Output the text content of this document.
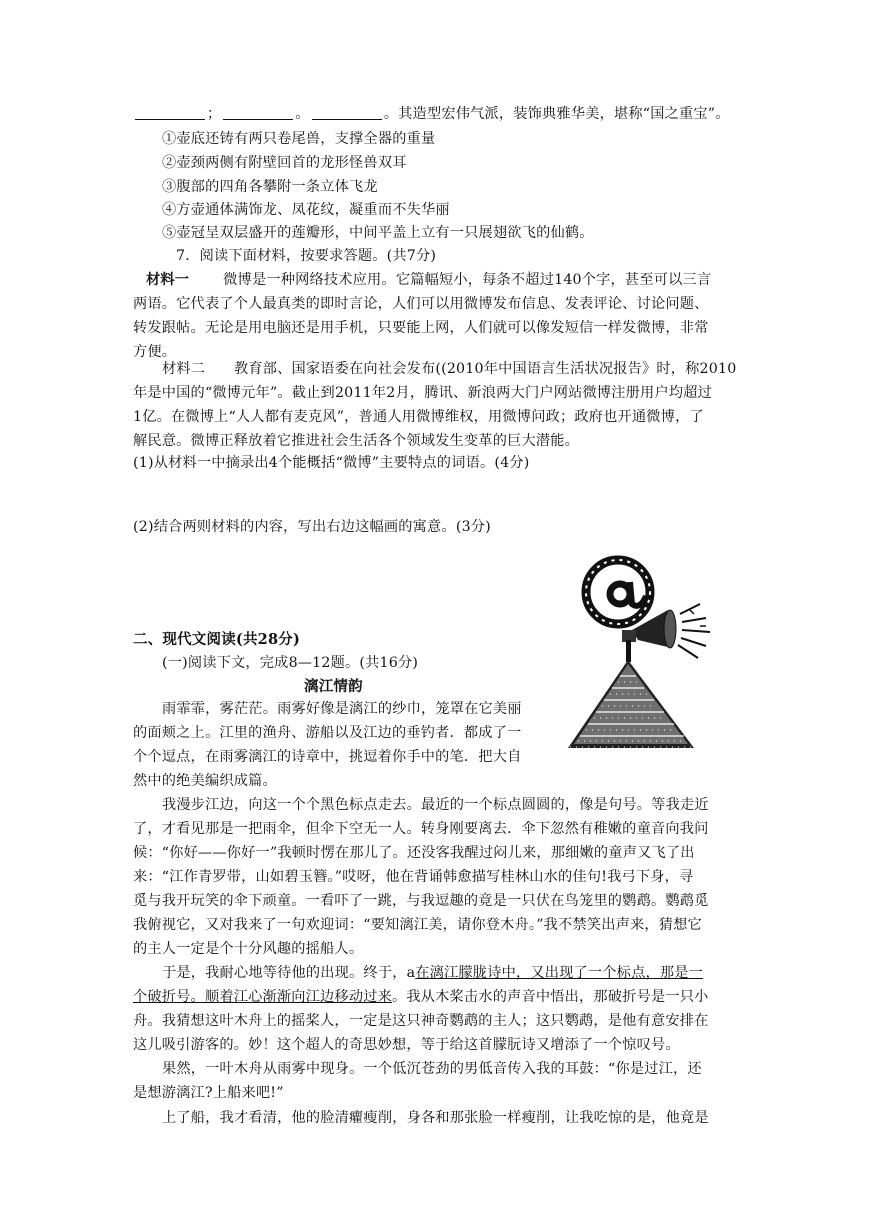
；	。	。其造型宏伟气派，装饰典雅华美，堪称“国之重宝”。
①壶底还铸有两只卷尾兽，支撑全器的重量
②壶颈两侧有附壁回首的龙形怪兽双耳
③腹部的四角各攀附一条立体飞龙
④方壶通体满饰龙、凤花纹，凝重而不失华丽
⑤壶冠呈双层盛开的莲瓣形，中间平盖上立有一只展翅欲飞的仙鹤。
7．阅读下面材料，按要求答题。(共7分)
材料一 微博是一种网络技术应用。它篇幅短小，每条不超过140个字，甚至可以三言
两语。它代表了个人最真类的即时言论，人们可以用微博发布信息、发表评论、讨论问题、
转发跟帖。无论是用电脑还是用手机，只要能上网，人们就可以像发短信一样发微博，非常
方便。
材料二　　教育部、国家语委在向社会发布((2010年中国语言生活状况报告》时，称2010
年是中国的“微博元年”。截止到2011年2月，腾讯、新浪两大门户网站微博注册用户均超过
1亿。在微博上“人人都有麦克风”，普通人用微博维权，用微博问政；政府也开通微博，了
解民意。微博正释放着它推进社会生活各个领域发生变革的巨大潜能。
(1)从材料一中摘录出4个能概括“微博”主要特点的词语。(4分)
(2)结合两则材料的内容，写出右边这幅画的寓意。(3分)
二、现代文阅读(共28分)
(一)阅读下文，完成8—12题。(共16分)
漓江情韵
雨霏霏，雾茫茫。雨雾好像是漓江的纱巾，笼罩在它美丽
的面颊之上。江里的渔舟、游船以及江边的垂钓者．都成了一
个个逗点，在雨雾漓江的诗章中，挑逗着你手中的笔．把大自
然中的绝美编织成篇。
我漫步江边，向这一个个黑色标点走去。最近的一个标点圆圆的，像是句号。等我走近
了，才看见那是一把雨伞，但伞下空无一人。转身刚要离去．伞下忽然有稚嫩的童音向我问
候：“你好——你好一”我顿时愣在那儿了。还没客我醒过闷儿来，那细嫩的童声又飞了出
来：“江作青罗带，山如碧玉簪。”哎呀，他在背诵韩愈描写桂林山水的佳句!我弓下身，寻
觅与我开玩笑的伞下顽童。一看吓了一跳，与我逗趣的竟是一只伏在鸟笼里的鹦鹉。鹦鹉觅
我俯视它，又对我来了一句欢迎词：“要知漓江美，请你登木舟。”我不禁笑出声来，猜想它
的主人一定是个十分风趣的摇船人。
于是，我耐心地等待他的出现。终于，a在漓江朦胧诗中，又出现了一个标点，那是一
个破折号。顺着江心渐渐向江边移动过来。我从木桨击水的声音中悟出，那破折号是一只小
舟。我猜想这叶木舟上的摇桨人，一定是这只神奇鹦鹉的主人；这只鹦鹉，是他有意安排在
这儿吸引游客的。妙！这个超人的奇思妙想，等于给这首朦朊诗又增添了一个惊叹号。
果然，一叶木舟从雨雾中现身。一个低沉苍劲的男低音传入我的耳鼓：“你是过江，还
是想游漓江?上船来吧!”
上了船，我才看清，他的脸清癯瘦削，身各和那张脸一样瘦削，让我吃惊的是，他竟是
